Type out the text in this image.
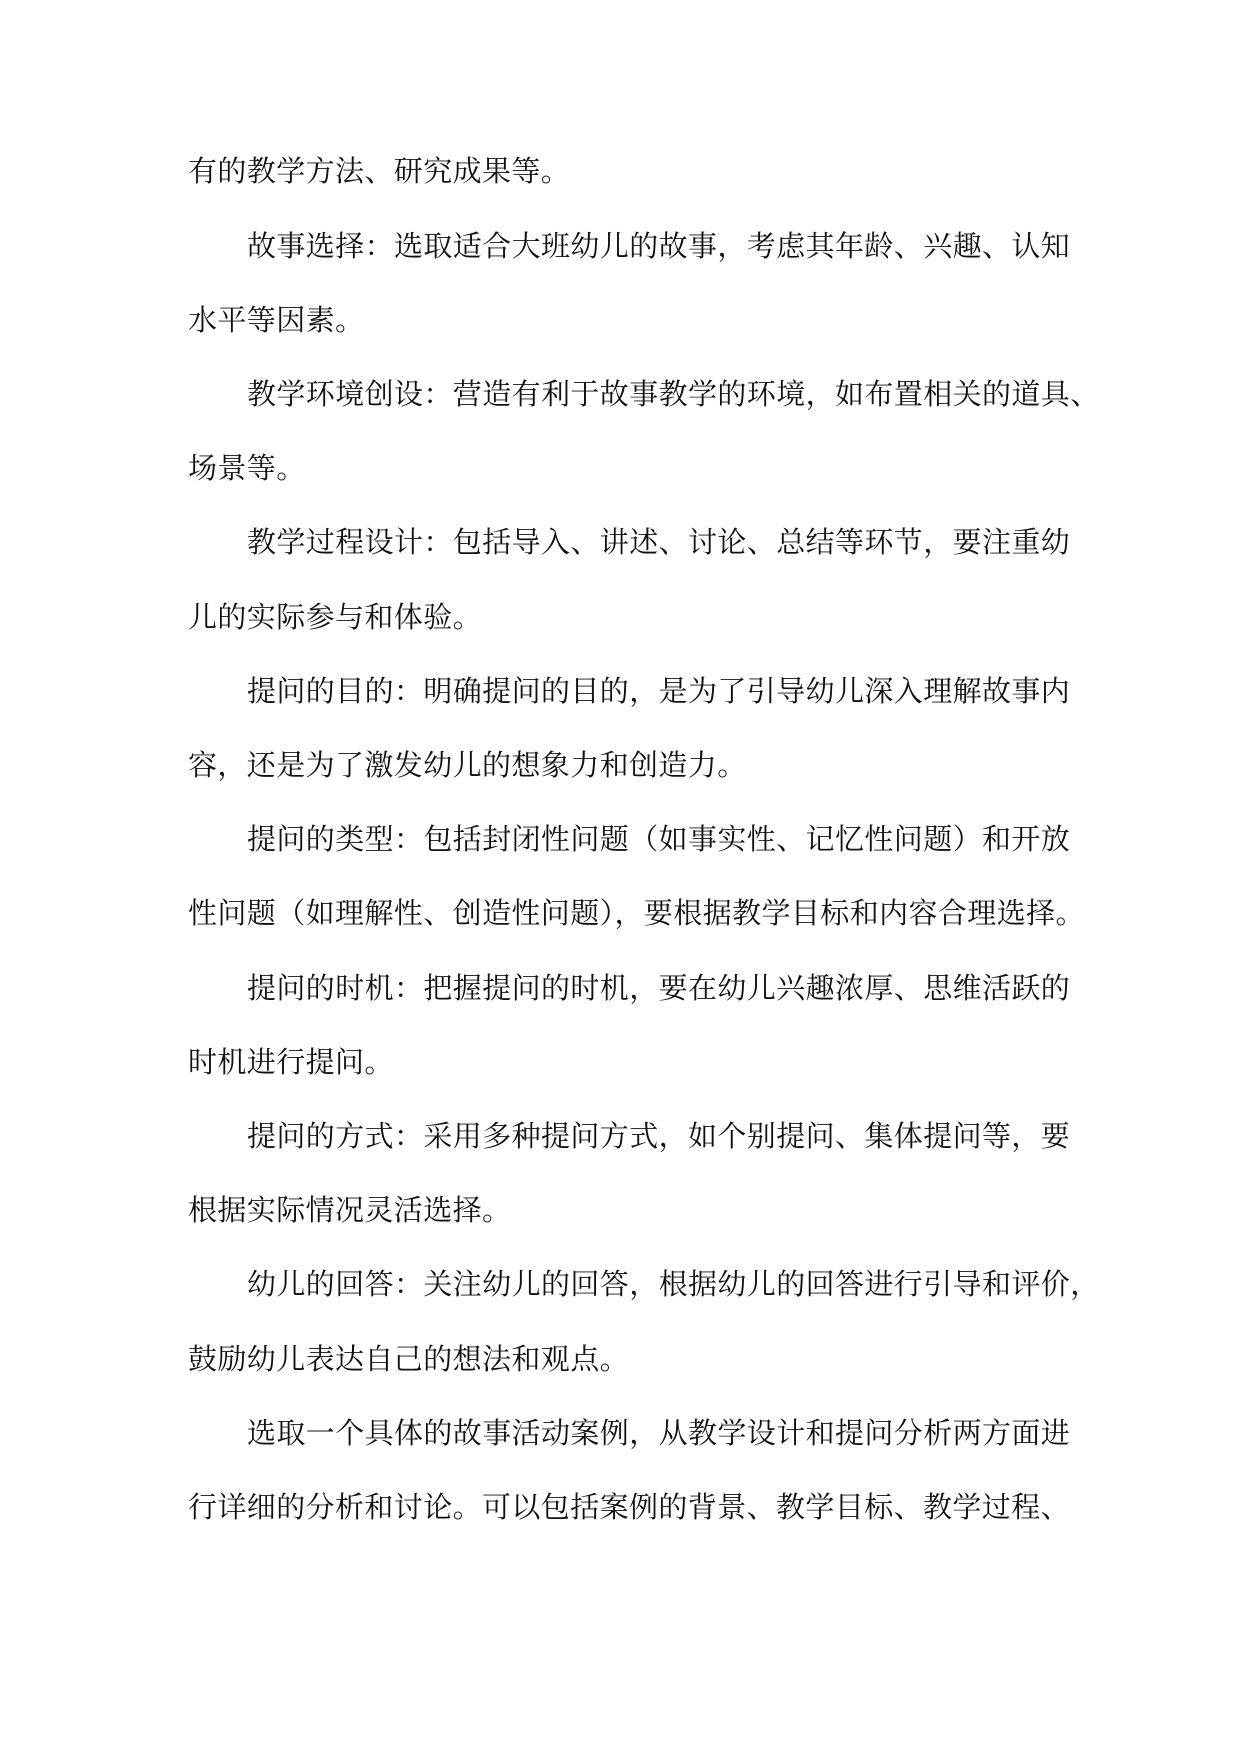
有的教学方法、研究成果等。

故事选择：选取适合大班幼儿的故事，考虑其年龄、兴趣、认知

水平等因素。

教学环境创设：营造有利于故事教学的环境，如布置相关的道具、

场景等。

教学过程设计：包括导入、讲述、讨论、总结等环节，要注重幼

儿的实际参与和体验。

提问的目的：明确提问的目的，是为了引导幼儿深入理解故事内

容，还是为了激发幼儿的想象力和创造力。

提问的类型：包括封闭性问题（如事实性、记忆性问题）和开放

性问题（如理解性、创造性问题），要根据教学目标和内容合理选择。

提问的时机：把握提问的时机，要在幼儿兴趣浓厚、思维活跃的

时机进行提问。

提问的方式：采用多种提问方式，如个别提问、集体提问等，要

根据实际情况灵活选择。

幼儿的回答：关注幼儿的回答，根据幼儿的回答进行引导和评价，

鼓励幼儿表达自己的想法和观点。

选取一个具体的故事活动案例，从教学设计和提问分析两方面进

行详细的分析和讨论。可以包括案例的背景、教学目标、教学过程、
